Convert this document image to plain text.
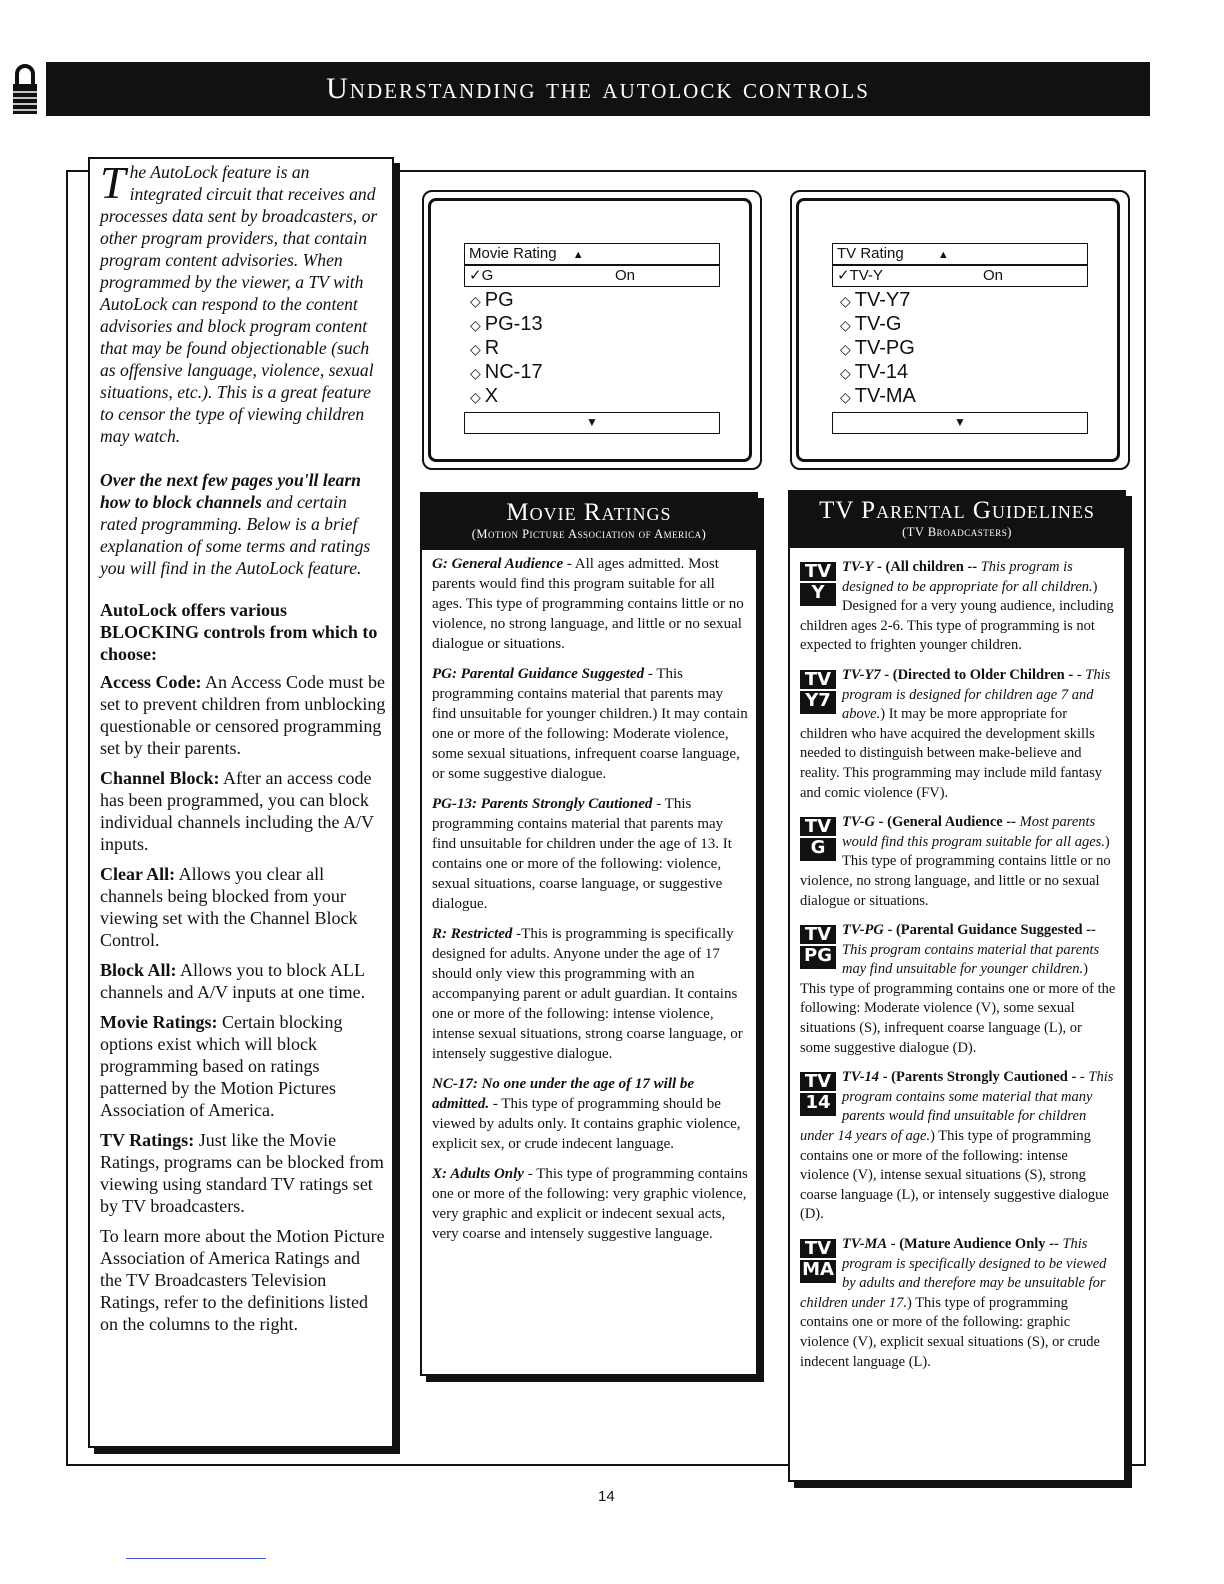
Understanding the autolock controls

The AutoLock feature is an integrated circuit that receives and processes data sent by broadcasters, or other program providers, that contain program content advisories. When programmed by the viewer, a TV with AutoLock can respond to the content advisories and block program content that may be found objectionable (such as offensive language, violence, sexual situations, etc.). This is a great feature to censor the type of viewing children may watch.

Over the next few pages you'll learn how to block channels and certain rated programming. Below is a brief explanation of some terms and ratings you will find in the AutoLock feature.

AutoLock offers various BLOCKING controls from which to choose:

Access Code: An Access Code must be set to prevent children from unblocking questionable or censored programming set by their parents.

Channel Block: After an access code has been programmed, you can block individual channels including the A/V inputs.

Clear All: Allows you clear all channels being blocked from your viewing set with the Channel Block Control.

Block All: Allows you to block ALL channels and A/V inputs at one time.

Movie Ratings: Certain blocking options exist which will block programming based on ratings patterned by the Motion Pictures Association of America.

TV Ratings: Just like the Movie Ratings, programs can be blocked from viewing using standard TV ratings set by TV broadcasters.

To learn more about the Motion Picture Association of America Ratings and the TV Broadcasters Television Ratings, refer to the definitions listed on the columns to the right.

Movie Rating ▲
✓G	On
◇ PG
◇ PG-13
◇ R
◇ NC-17
◇ X
▼
TV Rating	▲
✓TV-Y	On
◇ TV-Y7
◇ TV-G
◇ TV-PG
◇ TV-14
◇ TV-MA
▼
Movie Ratings
(Motion Picture Association of America)

G: General Audience - All ages admitted. Most parents would find this program suitable for all ages. This type of programming contains little or no violence, no strong language, and little or no sexual dialogue or situations.

PG: Parental Guidance Suggested - This programming contains material that parents may find unsuitable for younger children.) It may contain one or more of the following: Moderate violence, some sexual situations, infrequent coarse language, or some suggestive dialogue.

PG-13: Parents Strongly Cautioned - This programming contains material that parents may find unsuitable for children under the age of 13. It contains one or more of the following: violence, sexual situations, coarse language, or suggestive dialogue.

R: Restricted -This is programming is specifically designed for adults. Anyone under the age of 17 should only view this programming with an accompanying parent or adult guardian. It contains one or more of the following: intense violence, intense sexual situations, strong coarse language, or intensely suggestive dialogue.

NC-17: No one under the age of 17 will be admitted. - This type of programming should be viewed by adults only. It contains graphic violence, explicit sex, or crude indecent language.

X: Adults Only - This type of programming contains one or more of the following: very graphic violence, very graphic and explicit or indecent sexual acts, very coarse and intensely suggestive language.

TV Parental Guidelines
(TV Broadcasters)

TV
Y
TV-Y - (All children -- This program is designed to be appropriate for all children.) Designed for a very young audience, including children ages 2-6. This type of programming is not expected to frighten younger children.

TV
Y7
TV-Y7 - (Directed to Older Children - - This program is designed for children age 7 and above.) It may be more appropriate for children who have acquired the development skills needed to distinguish between make-believe and reality. This programming may include mild fantasy and comic violence (FV).

TV
G
TV-G - (General Audience -- Most parents would find this program suitable for all ages.) This type of programming contains little or no violence, no strong language, and little or no sexual dialogue or situations.

TV
PG
TV-PG - (Parental Guidance Suggested -- This program contains material that parents may find unsuitable for younger children.) This type of programming contains one or more of the following: Moderate violence (V), some sexual situations (S), infrequent coarse language (L), or some suggestive dialogue (D).

TV
14
TV-14 - (Parents Strongly Cautioned - - This program contains some material that many parents would find unsuitable for children under 14 years of age.) This type of programming contains one or more of the following: intense violence (V), intense sexual situations (S), strong coarse language (L), or intensely suggestive dialogue (D).

TV
MA
TV-MA - (Mature Audience Only -- This program is specifically designed to be viewed by adults and therefore may be unsuitable for children under 17.) This type of programming contains one or more of the following: graphic violence (V), explicit sexual situations (S), or crude indecent language (L).

14
